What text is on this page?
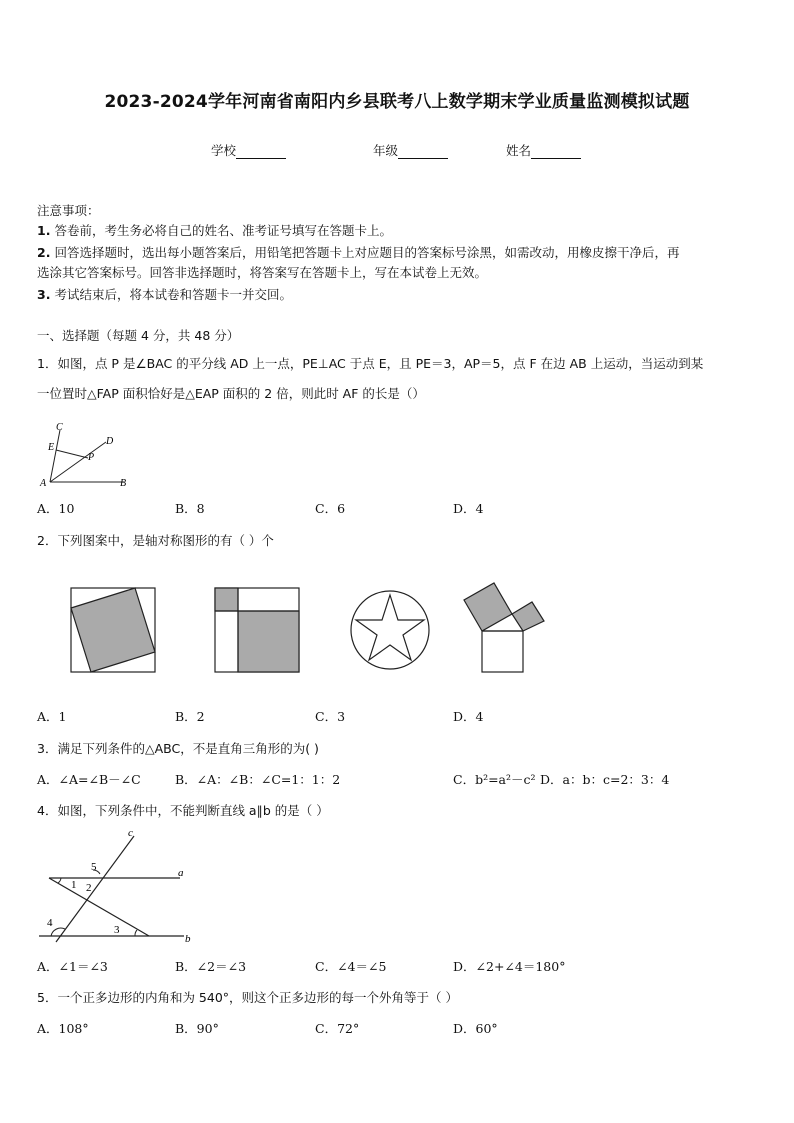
2023-2024学年河南省南阳内乡县联考八上数学期末学业质量监测模拟试题
学校	年级	姓名
注意事项：
1. 答卷前，考生务必将自己的姓名、准考证号填写在答题卡上。
2. 回答选择题时，选出每小题答案后，用铅笔把答题卡上对应题目的答案标号涂黑，如需改动，用橡皮擦干净后，再
选涂其它答案标号。回答非选择题时，将答案写在答题卡上，写在本试卷上无效。
3. 考试结束后，将本试卷和答题卡一并交回。
一、选择题（每题 4 分，共 48 分）
1．如图，点 P 是∠BAC 的平分线 AD 上一点，PE⊥AC 于点 E，且 PE＝3，AP＝5，点 F 在边 AB 上运动，当运动到某
一位置时△FAP 面积恰好是△EAP 面积的 2 倍，则此时 AF 的长是（）
C
E
D
P
A	B
A．10	B．8	C．6	D．4
2．下列图案中，是轴对称图形的有（ ）个
A．1	B．2	C．3	D．4
3．满足下列条件的△ABC，不是直角三角形的为( )
A．∠A=∠B－∠C	B．∠A：∠B：∠C=1：1：2	C．b²=a²－c² D．a：b：c=2：3：4
4．如图，下列条件中，不能判断直线 a∥b 的是（ ）
c
a
b
5
1 2
4
3
A．∠1＝∠3	B．∠2＝∠3	C．∠4＝∠5	D．∠2+∠4＝180°
5．一个正多边形的内角和为 540°，则这个正多边形的每一个外角等于（ ）
A．108°	B．90°	C．72°	D．60°
